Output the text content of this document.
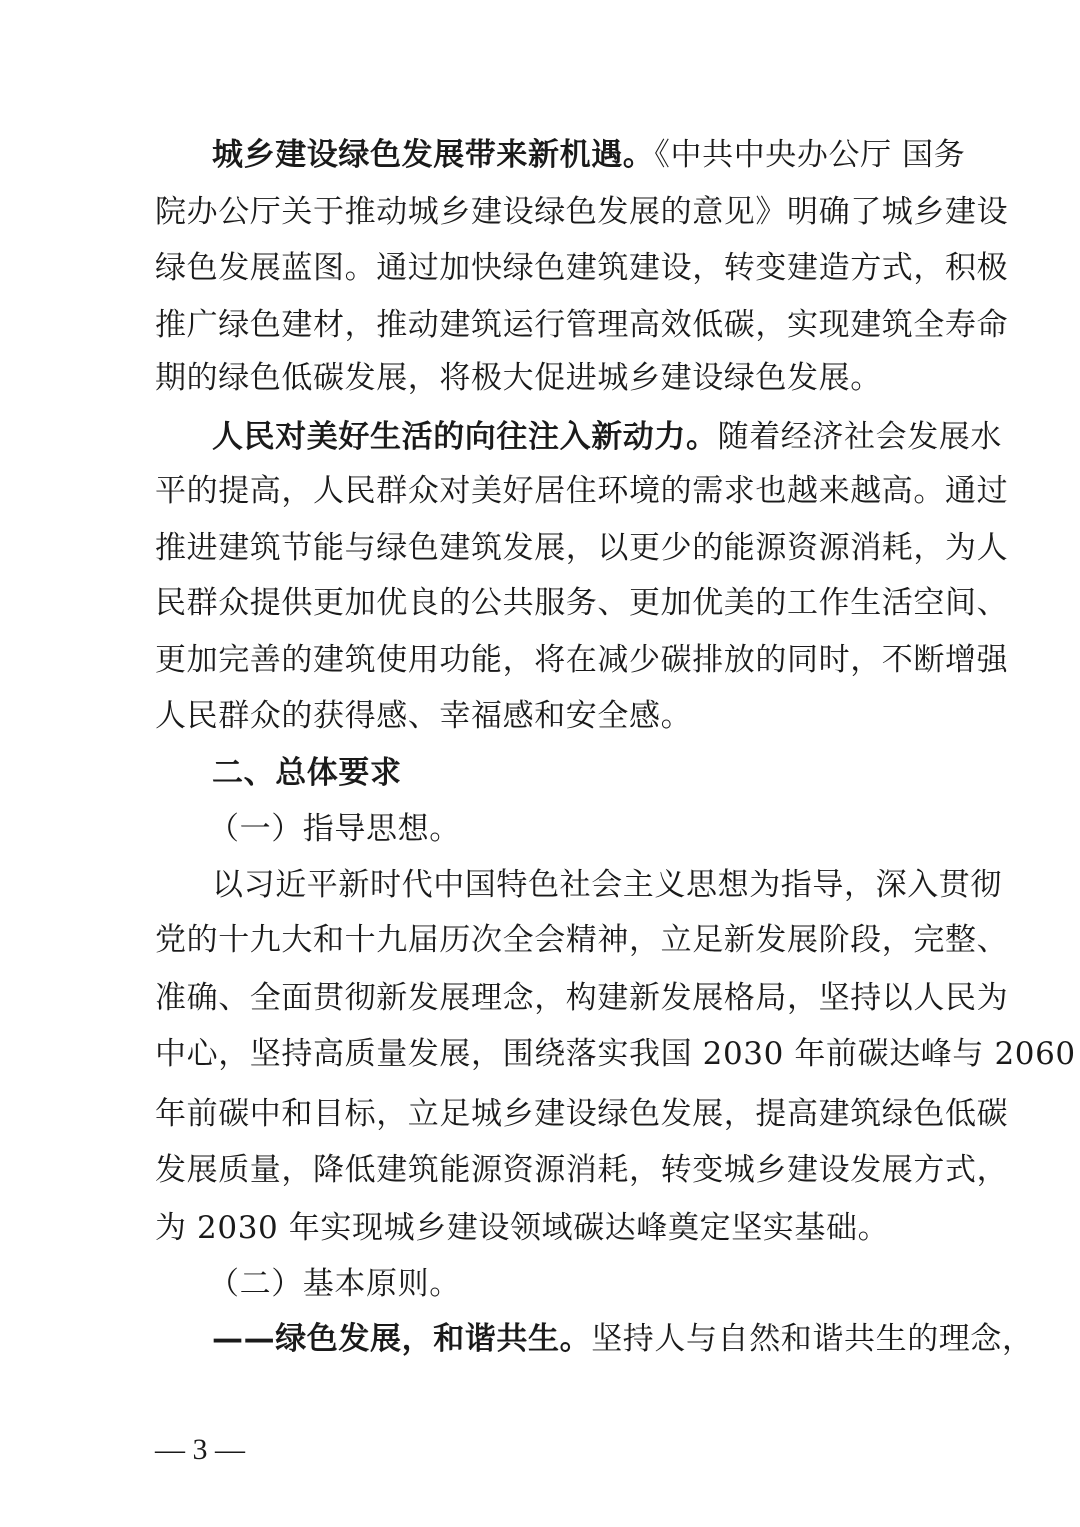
城乡建设绿色发展带来新机遇。《中共中央办公厅 国务
院办公厅关于推动城乡建设绿色发展的意见》明确了城乡建设
绿色发展蓝图。通过加快绿色建筑建设，转变建造方式，积极
推广绿色建材，推动建筑运行管理高效低碳，实现建筑全寿命
期的绿色低碳发展，将极大促进城乡建设绿色发展。
人民对美好生活的向往注入新动力。随着经济社会发展水
平的提高，人民群众对美好居住环境的需求也越来越高。通过
推进建筑节能与绿色建筑发展，以更少的能源资源消耗，为人
民群众提供更加优良的公共服务、更加优美的工作生活空间、
更加完善的建筑使用功能，将在减少碳排放的同时，不断增强
人民群众的获得感、幸福感和安全感。
二、总体要求
（一）指导思想。
以习近平新时代中国特色社会主义思想为指导，深入贯彻
党的十九大和十九届历次全会精神，立足新发展阶段，完整、
准确、全面贯彻新发展理念，构建新发展格局，坚持以人民为
中心，坚持高质量发展，围绕落实我国 2030 年前碳达峰与 2060
年前碳中和目标，立足城乡建设绿色发展，提高建筑绿色低碳
发展质量，降低建筑能源资源消耗，转变城乡建设发展方式，
为 2030 年实现城乡建设领域碳达峰奠定坚实基础。
（二）基本原则。
——绿色发展，和谐共生。坚持人与自然和谐共生的理念，
— 3 —
